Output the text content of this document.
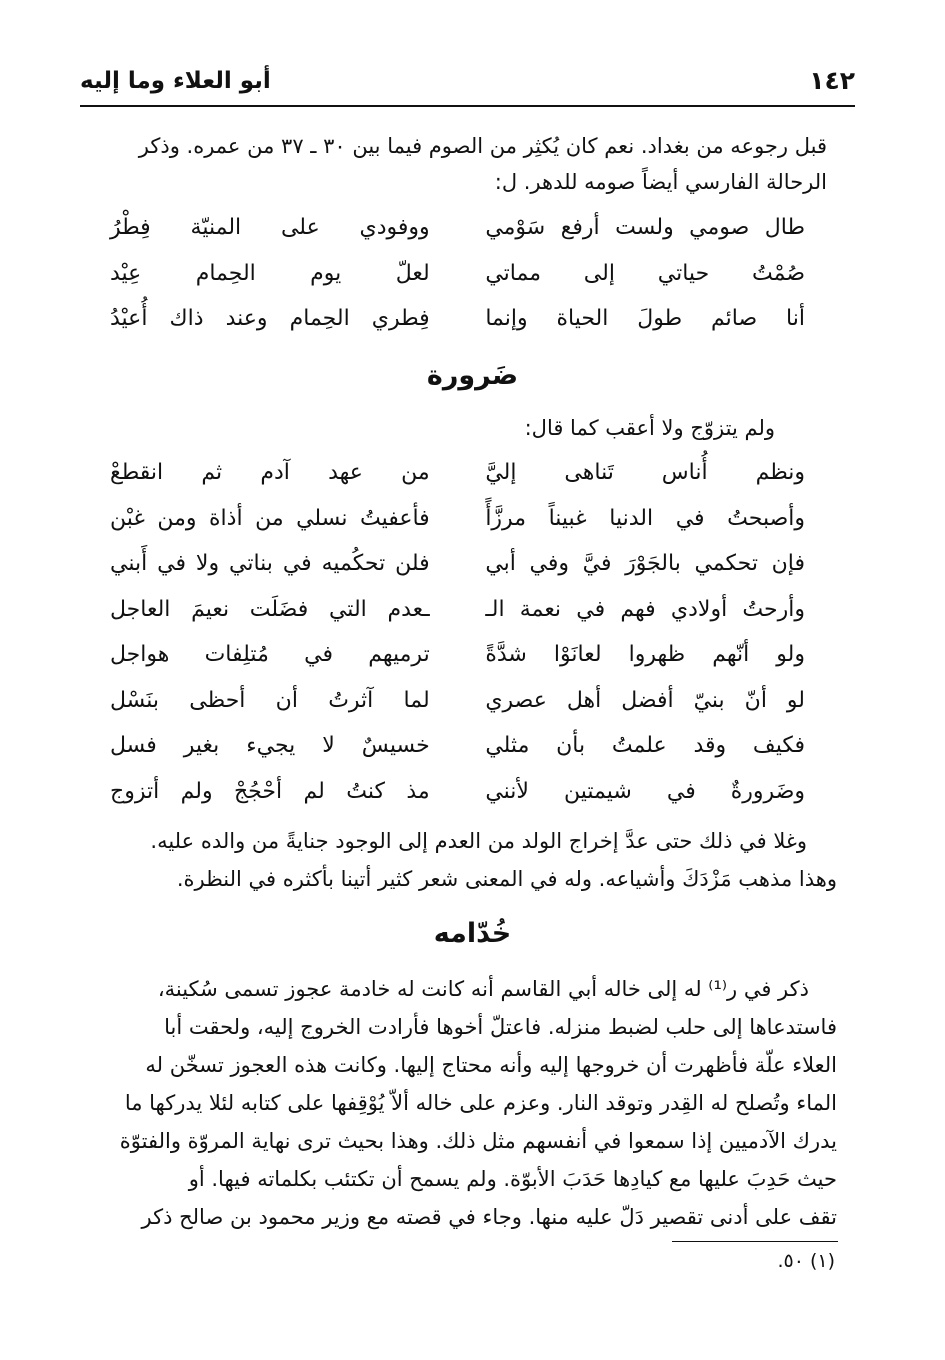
١٤٢
أبو العلاء وما إليه

قبل رجوعه من بغداد. نعم كان يُكثِر من الصوم فيما بين ٣٠ ـ ٣٧ من عمره. وذكر

الرحالة الفارسي أيضاً صومه للدهر. ل:

طال صومي ولست أرفع سَوْمي
ووفودي على المنيّة فِطْرُ
صُمْتُ حياتي إلى مماتي
لعلّ يوم الحِمام عِيْد
أنا صائم طولَ الحياة وإنما
فِطري الحِمام وعند ذاك أُعيْدُ
ضَرورة

ولم يتزوّج ولا أعقب كما قال:

ونظم أُناس تَناهى إليَّ
من عهد آدم ثم انقطعْ
وأصبحتُ في الدنيا غبيناً مرزَّأً
فأعفيتُ نسلي من أذاة ومن غبْن
فإن تحكمي بالجَوْرَ فيَّ وفي أبي
فلن تحكُميه في بناتي ولا في أَبني
وأرحتُ أولادي فهم في نعمة الـ
ـعدم التي فضَلَت نعيمَ العاجل
ولو أنّهم ظهروا لعانَوْا شدَّةً
ترميهم في مُتلِفات هواجل
لو أنّ بنيّ أفضل أهل عصري
لما آثرتُ أن أحظى بنَسْل
فكيف وقد علمتُ بأن مثلي
خسيسٌ لا يجيء بغير فسل
وضَرورةٌ في شيمتين لأنني
مذ كنتُ لم أحْجُجْ ولم أتزوج

وغلا في ذلك حتى عدَّ إخراج الولد من العدم إلى الوجود جنايةً من والده عليه.

وهذا مذهب مَزْدَكَ وأشياعه. وله في المعنى شعر كثير أتينا بأكثره في النظرة.

خُدّامه

ذكر في ر⁽¹⁾ له إلى خاله أبي القاسم أنه كانت له خادمة عجوز تسمى سُكينة،

فاستدعاها إلى حلب لضبط منزله. فاعتلّ أخوها فأرادت الخروج إليه، ولحقت أبا

العلاء علّة فأظهرت أن خروجها إليه وأنه محتاج إليها. وكانت هذه العجوز تسخّن له

الماء وتُصلح له القِدر وتوقد النار. وعزم على خاله ألاّ يُوْقِفها على كتابه لئلا يدركها ما

يدرك الآدميين إذا سمعوا في أنفسهم مثل ذلك. وهذا بحيث ترى نهاية المروّة والفتوّة

حيث حَدِبَ عليها مع كيادِها حَدَبَ الأبوّة. ولم يسمح أن تكتئب بكلماته فيها. أو

تقف على أدنى تقصير دَلّ عليه منها. وجاء في قصته مع وزير محمود بن صالح ذكر

(١) ٥٠.
